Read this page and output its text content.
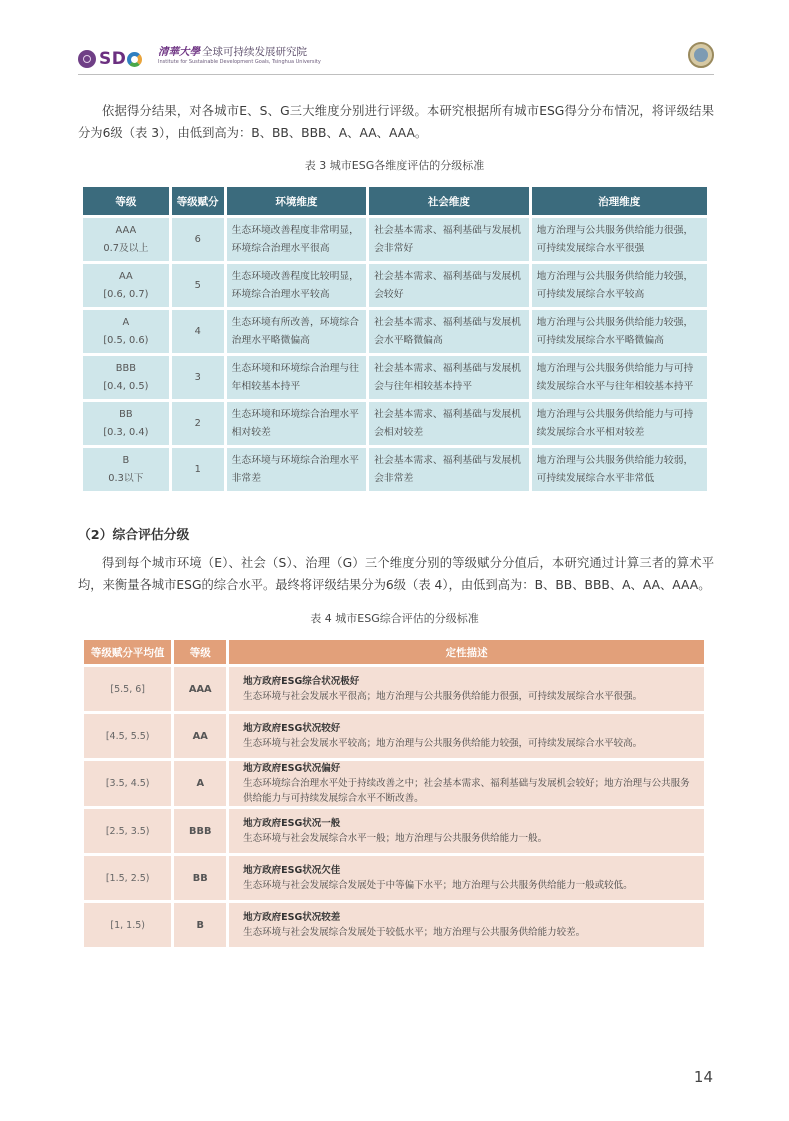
SD	清華大學 全球可持续发展研究院
Institute for Sustainable Development Goals, Tsinghua University
依据得分结果，对各城市E、S、G三大维度分别进行评级。本研究根据所有城市ESG得分分布情况，将评级结果分为6级（表 3），由低到高为：B、BB、BBB、A、AA、AAA。
表 3 城市ESG各维度评估的分级标准
等级	等级赋分	环境维度	社会维度	治理维度

AAA
0.7及以上	6	生态环境改善程度非常明显，环境综合治理水平很高	社会基本需求、福利基础与发展机会非常好	地方治理与公共服务供给能力很强，可持续发展综合水平很强

AA
[0.6, 0.7)	5	生态环境改善程度比较明显，环境综合治理水平较高	社会基本需求、福利基础与发展机会较好	地方治理与公共服务供给能力较强，可持续发展综合水平较高

A
[0.5, 0.6)	4	生态环境有所改善，环境综合治理水平略微偏高	社会基本需求、福利基础与发展机会水平略微偏高	地方治理与公共服务供给能力较强，可持续发展综合水平略微偏高

BBB
[0.4, 0.5)	3	生态环境和环境综合治理与往年相较基本持平	社会基本需求、福利基础与发展机会与往年相较基本持平	地方治理与公共服务供给能力与可持续发展综合水平与往年相较基本持平

BB
[0.3, 0.4)	2	生态环境和环境综合治理水平相对较差	社会基本需求、福利基础与发展机会相对较差	地方治理与公共服务供给能力与可持续发展综合水平相对较差

B
0.3以下	1	生态环境与环境综合治理水平非常差	社会基本需求、福利基础与发展机会非常差	地方治理与公共服务供给能力较弱，可持续发展综合水平非常低
（2）综合评估分级
得到每个城市环境（E）、社会（S）、治理（G）三个维度分别的等级赋分分值后，本研究通过计算三者的算术平均，来衡量各城市ESG的综合水平。最终将评级结果分为6级（表 4），由低到高为：B、BB、BBB、A、AA、AAA。
表 4 城市ESG综合评估的分级标准
等级赋分平均值	等级	定性描述
[5.5, 6]	AAA	地方政府ESG综合状况极好
生态环境与社会发展水平很高；地方治理与公共服务供给能力很强，可持续发展综合水平很强。

[4.5, 5.5)	AA	地方政府ESG状况较好
生态环境与社会发展水平较高；地方治理与公共服务供给能力较强，可持续发展综合水平较高。

[3.5, 4.5)	A	地方政府ESG状况偏好
生态环境综合治理水平处于持续改善之中；社会基本需求、福利基础与发展机会较好；地方治理与公共服务供给能力与可持续发展综合水平不断改善。

[2.5, 3.5)	BBB	地方政府ESG状况一般
生态环境与社会发展综合水平一般；地方治理与公共服务供给能力一般。

[1.5, 2.5)	BB	地方政府ESG状况欠佳
生态环境与社会发展综合发展处于中等偏下水平；地方治理与公共服务供给能力一般或较低。

[1, 1.5)	B	地方政府ESG状况较差
生态环境与社会发展综合发展处于较低水平；地方治理与公共服务供给能力较差。
14
